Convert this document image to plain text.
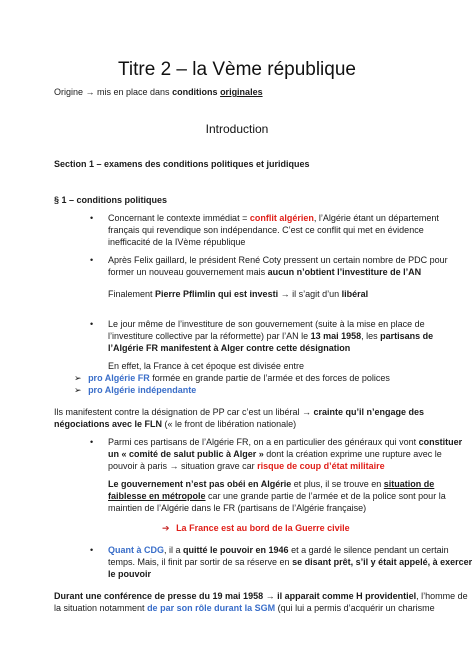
Titre 2 – la Vème république
Origine → mis en place dans conditions originales
Introduction
Section 1 – examens des conditions politiques et juridiques
§ 1 – conditions politiques
• Concernant le contexte immédiat = conflit algérien, l’Algérie étant un département
français qui revendique son indépendance. C’est ce conflit qui met en évidence
inefficacité de la IVème république
• Après Felix gaillard, le président René Coty pressent un certain nombre de PDC pour
former un nouveau gouvernement mais aucun n’obtient l’investiture de l’AN
Finalement Pierre Pflimlin qui est investi → il s’agit d’un libéral
• Le jour même de l’investiture de son gouvernement (suite à la mise en place de
l’investiture collective par la réformette) par l’AN le 13 mai 1958, les partisans de
l’Algérie FR manifestent à Alger contre cette désignation
En effet, la France à cet époque est divisée entre
➢ pro Algérie FR formée en grande partie de l’armée et des forces de polices
➢ pro Algérie indépendante
Ils manifestent contre la désignation de PP car c’est un libéral → crainte qu’il n’engage des
négociations avec le FLN (« le front de libération nationale)
• Parmi ces partisans de l’Algérie FR, on a en particulier des généraux qui vont constituer
un « comité de salut public à Alger » dont la création exprime une rupture avec le
pouvoir à paris → situation grave car risque de coup d’état militaire
Le gouvernement n’est pas obéi en Algérie et plus, il se trouve en situation de
faiblesse en métropole car une grande partie de l’armée et de la police sont pour la
maintien de l’Algérie dans le FR (partisans de l’Algérie française)
➔ La France est au bord de la Guerre civile
• Quant à CDG, il a quitté le pouvoir en 1946 et a gardé le silence pendant un certain
temps. Mais, il finit par sortir de sa réserve en se disant prêt, s’il y était appelé, à exercer
le pouvoir
Durant une conférence de presse du 19 mai 1958 → il apparait comme H providentiel, l’homme de
la situation notamment de par son rôle durant la SGM (qui lui a permis d’acquérir un charisme
